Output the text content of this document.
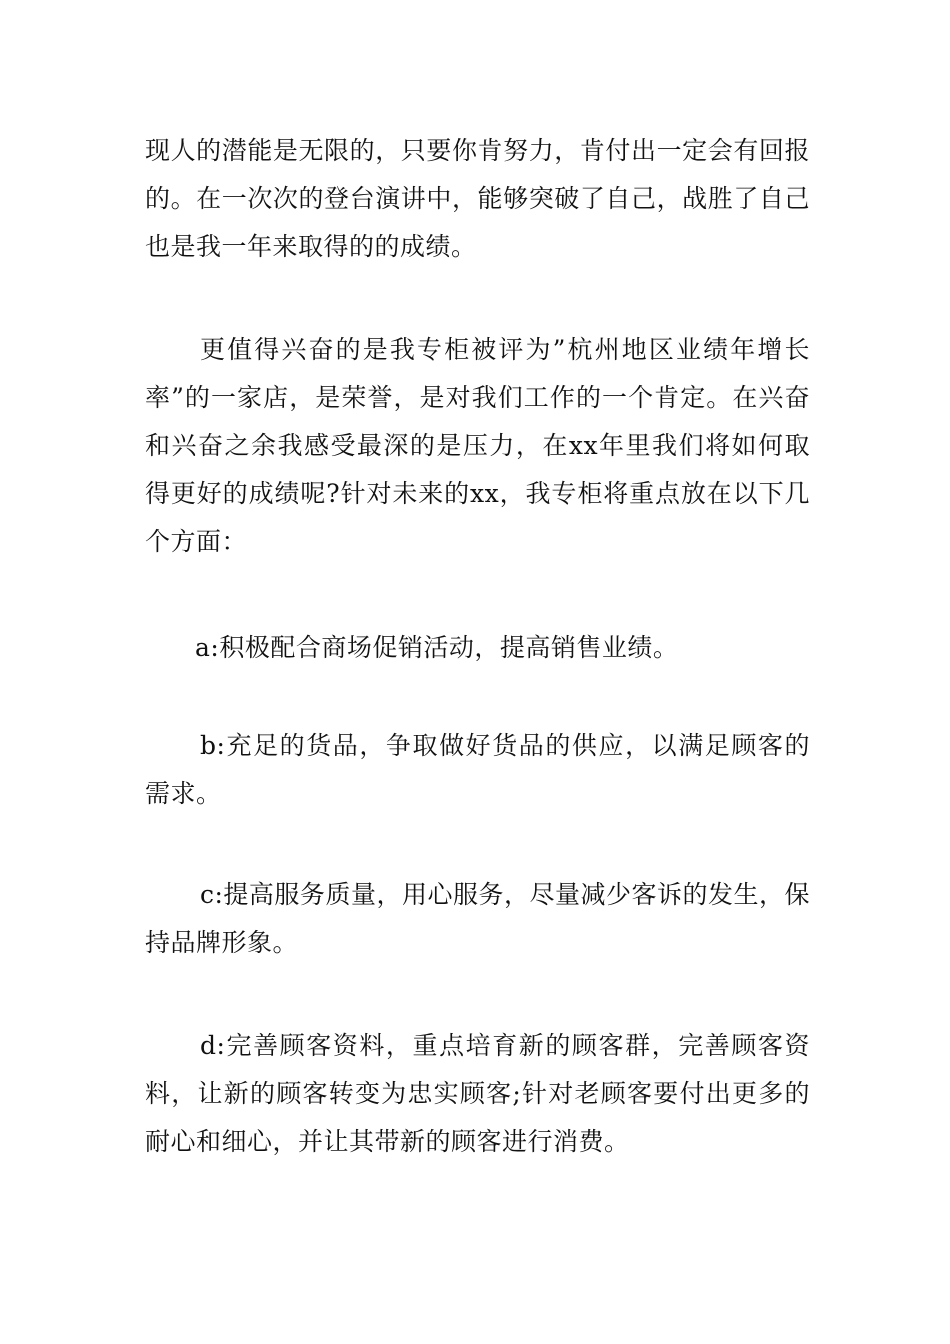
现人的潜能是无限的，只要你肯努力，肯付出一定会有回报的。在一次次的登台演讲中，能够突破了自己，战胜了自己也是我一年来取得的的成绩。

更值得兴奋的是我专柜被评为”杭州地区业绩年增长率”的一家店，是荣誉，是对我们工作的一个肯定。在兴奋和兴奋之余我感受最深的是压力，在xx年里我们将如何取得更好的成绩呢?针对未来的xx，我专柜将重点放在以下几个方面：

a:积极配合商场促销活动，提高销售业绩。

b:充足的货品，争取做好货品的供应，以满足顾客的需求。

c:提高服务质量，用心服务，尽量减少客诉的发生，保持品牌形象。

d:完善顾客资料，重点培育新的顾客群，完善顾客资料，让新的顾客转变为忠实顾客;针对老顾客要付出更多的耐心和细心，并让其带新的顾客进行消费。
